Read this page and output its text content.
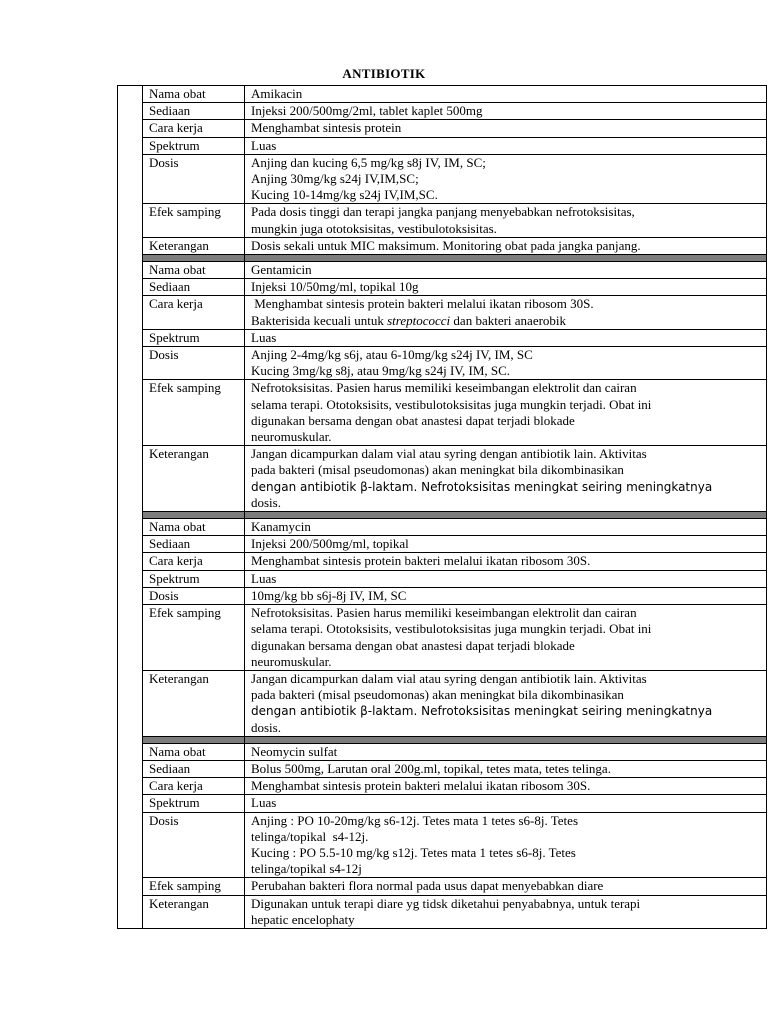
ANTIBIOTIK
	Nama obat	Amikacin
	Sediaan	Injeksi 200/500mg/2ml, tablet kaplet 500mg
	Cara kerja	Menghambat sintesis protein

	Spektrum	Luas
	Dosis	Anjing dan kucing 6,5 mg/kg s8j IV, IM, SC;
Anjing 30mg/kg s24j IV,IM,SC;
Kucing 10-14mg/kg s24j IV,IM,SC.

	Efek samping	Pada dosis tinggi dan terapi jangka panjang menyebabkan nefrotoksisitas,
mungkin juga ototoksisitas, vestibulotoksisitas.

	Keterangan	Dosis sekali untuk MIC maksimum. Monitoring obat pada jangka panjang.

	Nama obat	Gentamicin
	Sediaan	Injeksi 10/50mg/ml, topikal 10g
	Cara kerja	Menghambat sintesis protein bakteri melalui ikatan ribosom 30S.
Bakterisida kecuali untuk streptococci dan bakteri anaerobik

	Spektrum	Luas
	Dosis	Anjing 2-4mg/kg s6j, atau 6-10mg/kg s24j IV, IM, SC
Kucing 3mg/kg s8j, atau 9mg/kg s24j IV, IM, SC.

	Efek samping	Nefrotoksisitas. Pasien harus memiliki keseimbangan elektrolit dan cairan
selama terapi. Ototoksisits, vestibulotoksisitas juga mungkin terjadi. Obat ini
digunakan bersama dengan obat anastesi dapat terjadi blokade
neuromuskular.

	Keterangan	Jangan dicampurkan dalam vial atau syring dengan antibiotik lain. Aktivitas
pada bakteri (misal pseudomonas) akan meningkat bila dikombinasikan
dengan antibiotik β-laktam. Nefrotoksisitas meningkat seiring meningkatnya
dosis.

	Nama obat	Kanamycin
	Sediaan	Injeksi 200/500mg/ml, topikal
	Cara kerja	Menghambat sintesis protein bakteri melalui ikatan ribosom 30S.

	Spektrum	Luas
	Dosis	10mg/kg bb s6j-8j IV, IM, SC

	Efek samping	Nefrotoksisitas. Pasien harus memiliki keseimbangan elektrolit dan cairan
selama terapi. Ototoksisits, vestibulotoksisitas juga mungkin terjadi. Obat ini
digunakan bersama dengan obat anastesi dapat terjadi blokade
neuromuskular.

	Keterangan	Jangan dicampurkan dalam vial atau syring dengan antibiotik lain. Aktivitas
pada bakteri (misal pseudomonas) akan meningkat bila dikombinasikan
dengan antibiotik β-laktam. Nefrotoksisitas meningkat seiring meningkatnya
dosis.

	Nama obat	Neomycin sulfat
	Sediaan	Bolus 500mg, Larutan oral 200g.ml, topikal, tetes mata, tetes telinga.
	Cara kerja	Menghambat sintesis protein bakteri melalui ikatan ribosom 30S.

	Spektrum	Luas
	Dosis	Anjing : PO 10-20mg/kg s6-12j. Tetes mata 1 tetes s6-8j. Tetes
telinga/topikal  s4-12j.
Kucing : PO 5.5-10 mg/kg s12j. Tetes mata 1 tetes s6-8j. Tetes
telinga/topikal s4-12j

	Efek samping	Perubahan bakteri flora normal pada usus dapat menyebabkan diare

	Keterangan	Digunakan untuk terapi diare yg tidsk diketahui penyababnya, untuk terapi
hepatic encelophaty
